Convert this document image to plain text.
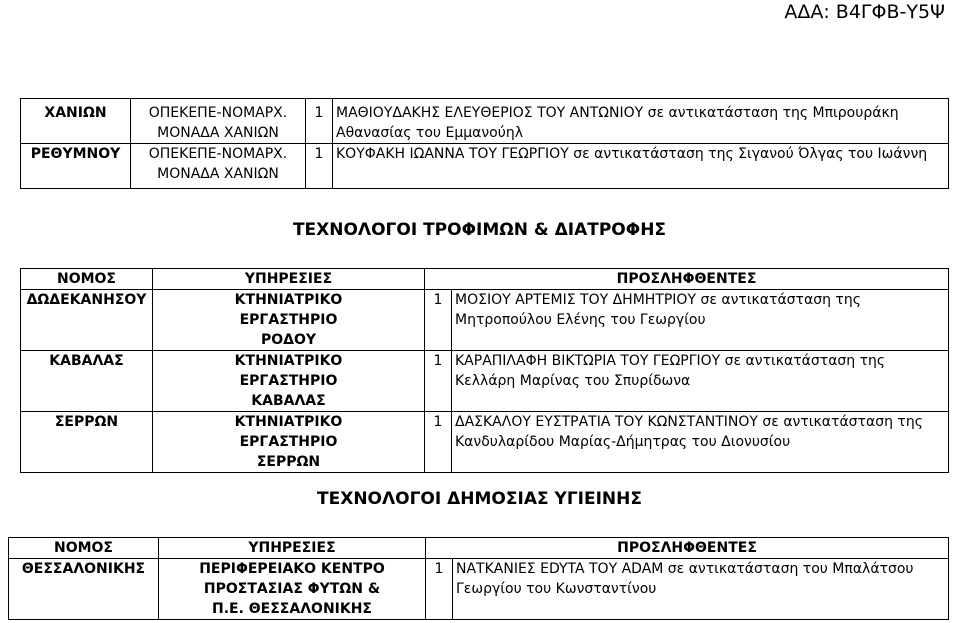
ΑΔΑ: Β4ΓΦΒ-Υ5Ψ
ΧΑΝΙΩΝ	ΟΠΕΚΕΠΕ-ΝΟΜΑΡΧ. ΜΟΝΑΔΑ ΧΑΝΙΩΝ	1	ΜΑΘΙΟΥΔΑΚΗΣ ΕΛΕΥΘΕΡΙΟΣ ΤΟΥ ΑΝΤΩΝΙΟΥ σε αντικατάσταση της Μπιρουράκη Αθανασίας του Εμμανούηλ
ΡΕΘΥΜΝΟΥ	ΟΠΕΚΕΠΕ-ΝΟΜΑΡΧ. ΜΟΝΑΔΑ ΧΑΝΙΩΝ	1	ΚΟΥΦΑΚΗ ΙΩΑΝΝΑ ΤΟΥ ΓΕΩΡΓΙΟΥ σε αντικατάσταση της Σιγανού Όλγας του Ιωάννη
ΤΕΧΝΟΛΟΓΟΙ ΤΡΟΦΙΜΩΝ & ΔΙΑΤΡΟΦΗΣ
ΝΟΜΟΣ	ΥΠΗΡΕΣΙΕΣ	ΠΡΟΣΛΗΦΘΕΝΤΕΣ	
ΔΩΔΕΚΑΝΗΣΟΥ	ΚΤΗΝΙΑΤΡΙΚΟ ΕΡΓΑΣΤΗΡΙΟ ΡΟΔΟΥ	1	ΜΟΣΙΟΥ ΑΡΤΕΜΙΣ ΤΟΥ ΔΗΜΗΤΡΙΟΥ σε αντικατάσταση της Μητροπούλου Ελένης του Γεωργίου
ΚΑΒΑΛΑΣ	ΚΤΗΝΙΑΤΡΙΚΟ ΕΡΓΑΣΤΗΡΙΟ ΚΑΒΑΛΑΣ	1	ΚΑΡΑΠΙΛΑΦΗ ΒΙΚΤΩΡΙΑ ΤΟΥ ΓΕΩΡΓΙΟΥ σε αντικατάσταση της Κελλάρη Μαρίνας του Σπυρίδωνα
ΣΕΡΡΩΝ	ΚΤΗΝΙΑΤΡΙΚΟ ΕΡΓΑΣΤΗΡΙΟ ΣΕΡΡΩΝ	1	ΔΑΣΚΑΛΟΥ ΕΥΣΤΡΑΤΙΑ ΤΟΥ ΚΩΝΣΤΑΝΤΙΝΟΥ σε αντικατάσταση της Κανδυλαρίδου Μαρίας-Δήμητρας του Διονυσίου
ΤΕΧΝΟΛΟΓΟΙ ΔΗΜΟΣΙΑΣ ΥΓΙΕΙΝΗΣ
ΝΟΜΟΣ	ΥΠΗΡΕΣΙΕΣ	ΠΡΟΣΛΗΦΘΕΝΤΕΣ	
ΘΕΣΣΑΛΟΝΙΚΗΣ	ΠΕΡΙΦΕΡΕΙΑΚΟ ΚΕΝΤΡΟ ΠΡΟΣΤΑΣΙΑΣ ΦΥΤΩΝ & Π.Ε. ΘΕΣΣΑΛΟΝΙΚΗΣ	1	ΝΑΤΚΑΝΙΕΣ ΕDYTA ΤΟΥ ADAM σε αντικατάσταση του Μπαλάτσου Γεωργίου του Κωνσταντίνου
